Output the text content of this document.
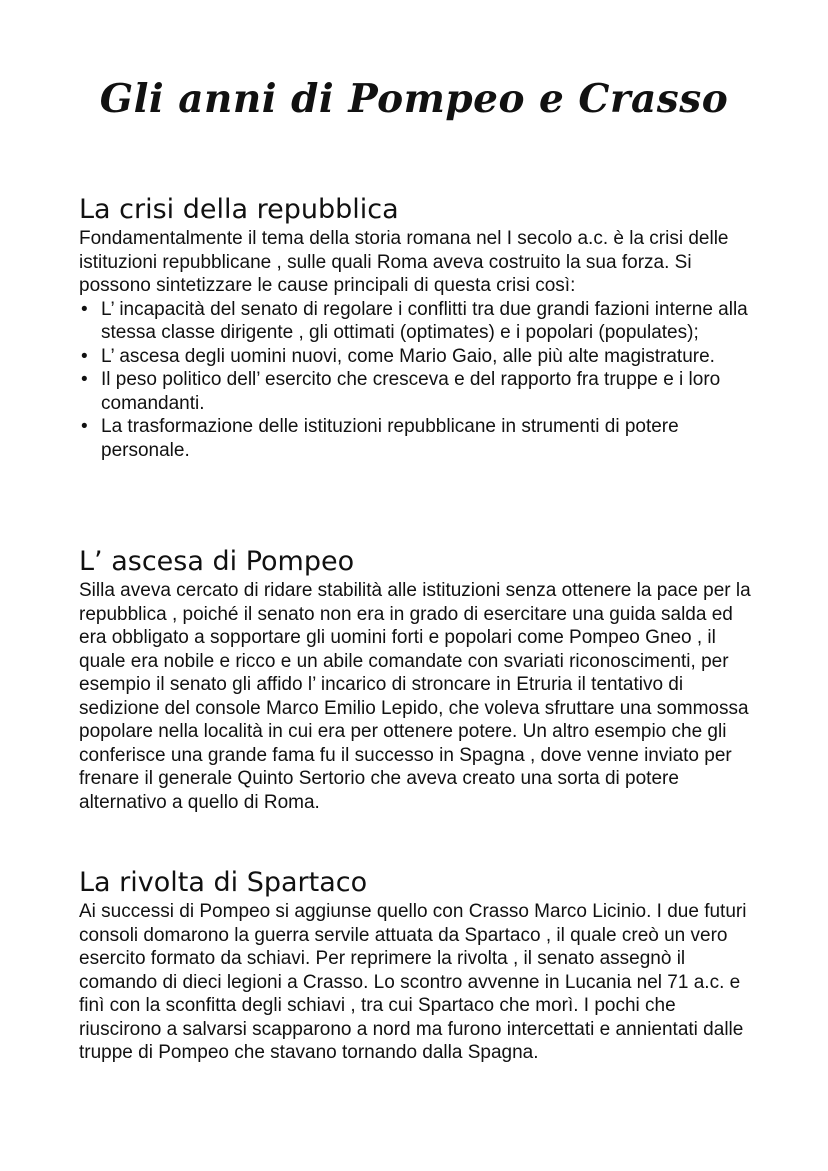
Gli anni di Pompeo e Crasso
La crisi della repubblica

Fondamentalmente il tema della storia romana nel I secolo a.c. è la crisi delle istituzioni repubblicane , sulle quali Roma aveva costruito la sua forza. Si possono sintetizzare le cause principali di questa crisi così:

• L’ incapacità del senato di regolare i conflitti tra due grandi fazioni interne alla stessa classe dirigente , gli ottimati (optimates) e i popolari (populates);
• L’ ascesa degli uomini nuovi, come Mario Gaio, alle più alte magistrature.
• Il peso politico dell’ esercito che cresceva e del rapporto fra truppe e i loro comandanti.
• La trasformazione delle istituzioni repubblicane in strumenti di potere personale.
L’ ascesa di Pompeo

Silla aveva cercato di ridare stabilità alle istituzioni senza ottenere la pace per la repubblica , poiché il senato non era in grado di esercitare una guida salda ed era obbligato a sopportare gli uomini forti e popolari come Pompeo Gneo , il quale era nobile e ricco e un abile comandate con svariati riconoscimenti, per esempio il senato gli affido l’ incarico di stroncare in Etruria il tentativo di sedizione del console Marco Emilio Lepido, che voleva sfruttare una sommossa popolare nella località in cui era per ottenere potere. Un altro esempio che gli conferisce una grande fama fu il successo in Spagna , dove venne inviato per frenare il generale Quinto Sertorio che aveva creato una sorta di potere alternativo a quello di Roma.

La rivolta di Spartaco

Ai successi di Pompeo si aggiunse quello con Crasso Marco Licinio. I due futuri consoli domarono la guerra servile attuata da Spartaco , il quale creò un vero esercito formato da schiavi. Per reprimere la rivolta , il senato assegnò il comando di dieci legioni a Crasso. Lo scontro avvenne in Lucania nel 71 a.c. e finì con la sconfitta degli schiavi , tra cui Spartaco che morì. I pochi che riuscirono a salvarsi scapparono a nord ma furono intercettati e annientati dalle truppe di Pompeo che stavano tornando dalla Spagna.
